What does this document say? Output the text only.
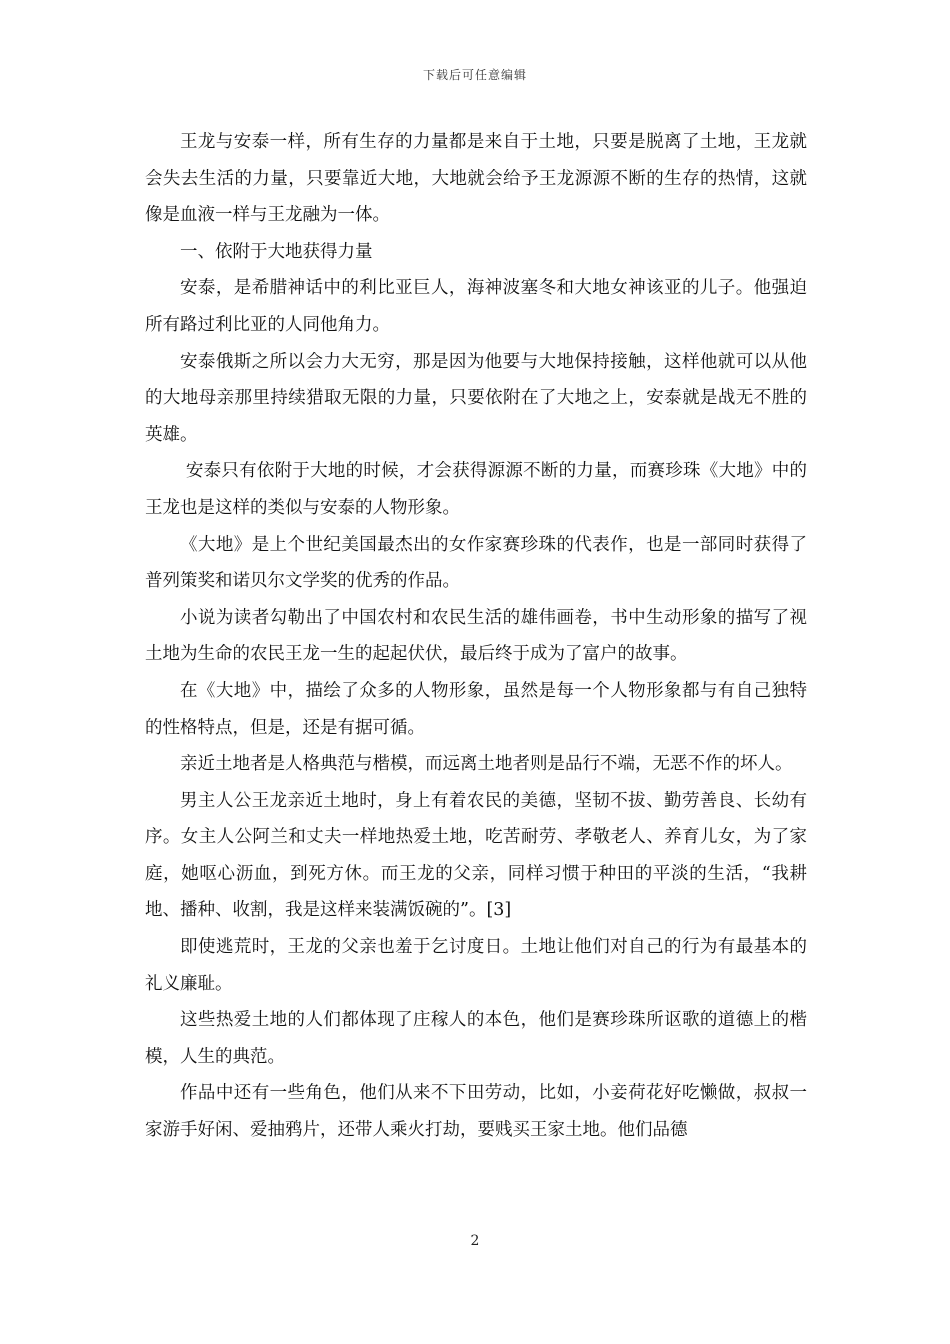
下载后可任意编辑

王龙与安泰一样，所有生存的力量都是来自于土地，只要是脱离了土地，王龙就会失去生活的力量，只要靠近大地，大地就会给予王龙源源不断的生存的热情，这就像是血液一样与王龙融为一体。

一、依附于大地获得力量

安泰，是希腊神话中的利比亚巨人，海神波塞冬和大地女神该亚的儿子。他强迫所有路过利比亚的人同他角力。

安泰俄斯之所以会力大无穷，那是因为他要与大地保持接触，这样他就可以从他的大地母亲那里持续猎取无限的力量，只要依附在了大地之上，安泰就是战无不胜的英雄。

安泰只有依附于大地的时候，才会获得源源不断的力量，而赛珍珠《大地》中的王龙也是这样的类似与安泰的人物形象。

《大地》是上个世纪美国最杰出的女作家赛珍珠的代表作，也是一部同时获得了普列策奖和诺贝尔文学奖的优秀的作品。

小说为读者勾勒出了中国农村和农民生活的雄伟画卷，书中生动形象的描写了视土地为生命的农民王龙一生的起起伏伏，最后终于成为了富户的故事。

在《大地》中，描绘了众多的人物形象，虽然是每一个人物形象都与有自己独特的性格特点，但是，还是有据可循。

亲近土地者是人格典范与楷模，而远离土地者则是品行不端，无恶不作的坏人。

男主人公王龙亲近土地时，身上有着农民的美德，坚韧不拔、勤劳善良、长幼有序。女主人公阿兰和丈夫一样地热爱土地，吃苦耐劳、孝敬老人、养育儿女，为了家庭，她呕心沥血，到死方休。而王龙的父亲，同样习惯于种田的平淡的生活，“我耕地、播种、收割，我是这样来装满饭碗的”。[3]

即使逃荒时，王龙的父亲也羞于乞讨度日。土地让他们对自己的行为有最基本的礼义廉耻。

这些热爱土地的人们都体现了庄稼人的本色，他们是赛珍珠所讴歌的道德上的楷模，人生的典范。

作品中还有一些角色，他们从来不下田劳动，比如，小妾荷花好吃懒做，叔叔一家游手好闲、爱抽鸦片，还带人乘火打劫，要贱买王家土地。他们品德

2
